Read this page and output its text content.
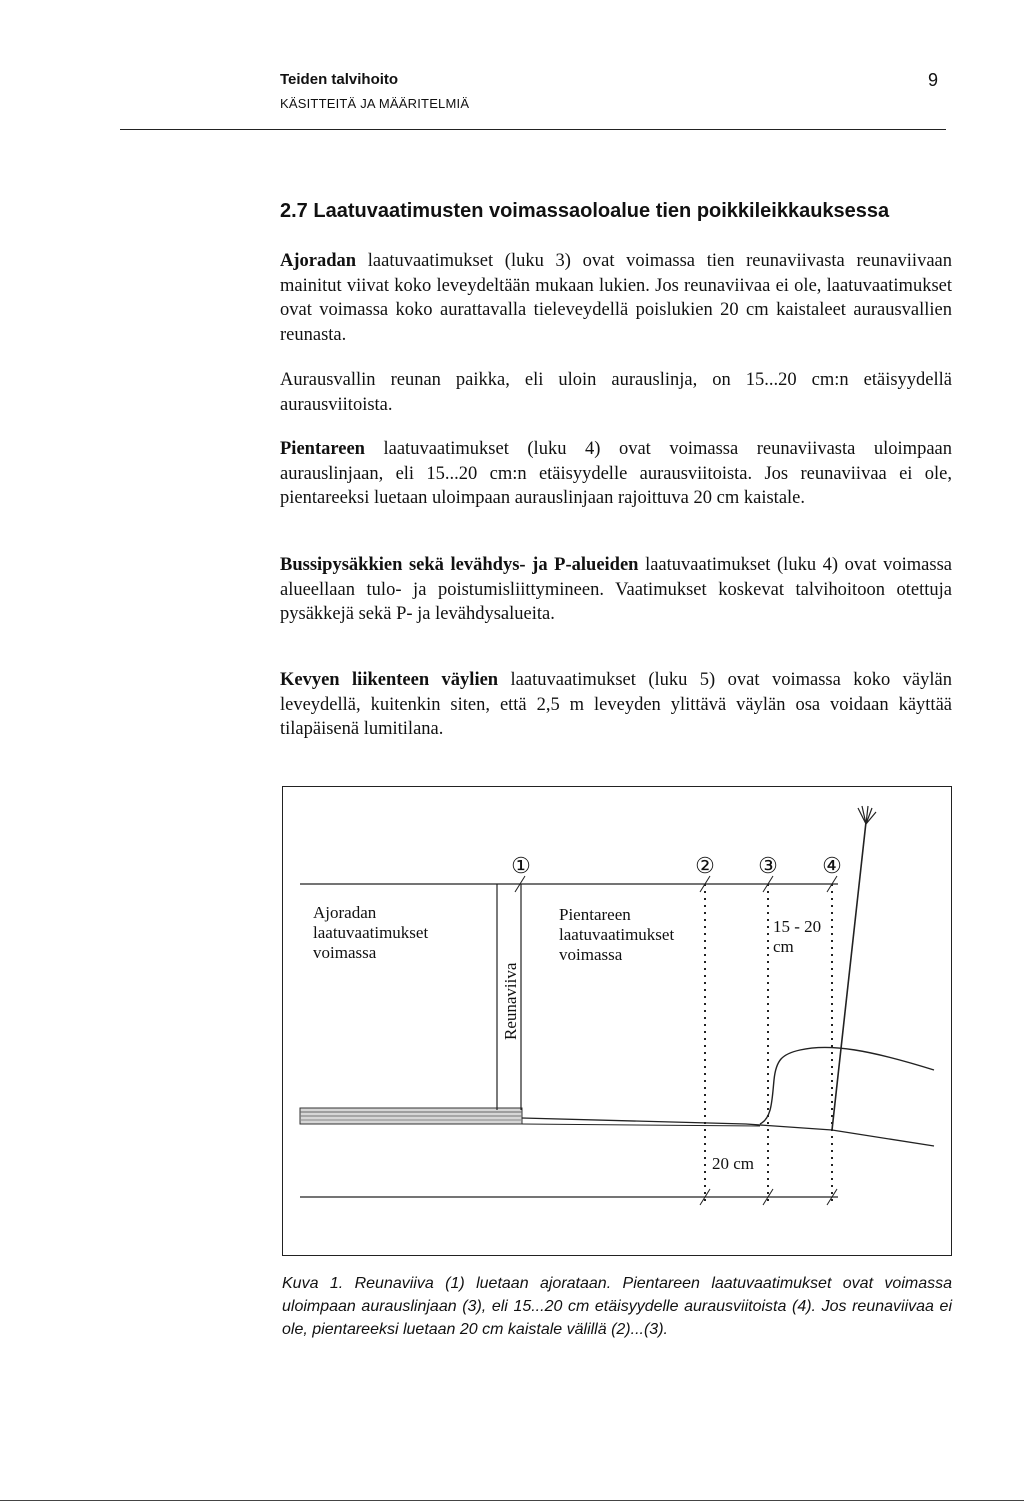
Teiden talvihoito
KÄSITTEITÄ JA MÄÄRITELMIÄ
9
2.7 Laatuvaatimusten voimassaoloalue tien poikkileikkauksessa

Ajoradan laatuvaatimukset (luku 3) ovat voimassa tien reunaviivasta reunaviivaan mainitut viivat koko leveydeltään mukaan lukien. Jos reunaviivaa ei ole, laatuvaatimukset ovat voimassa koko aurattavalla tieleveydellä poislukien 20 cm kaistaleet aurausvallien reunasta.

Aurausvallin reunan paikka, eli uloin aurauslinja, on 15...20 cm:n etäisyydellä aurausviitoista.

Pientareen laatuvaatimukset (luku 4) ovat voimassa reunaviivasta uloimpaan aurauslinjaan, eli 15...20 cm:n etäisyydelle aurausviitoista. Jos reunaviivaa ei ole, pientareeksi luetaan uloimpaan aurauslinjaan rajoittuva 20 cm kaistale.

Bussipysäkkien sekä levähdys- ja P-alueiden laatuvaatimukset (luku 4) ovat voimassa alueellaan tulo- ja poistumisliittymineen. Vaatimukset koskevat talvihoitoon otettuja pysäkkejä sekä P- ja levähdysalueita.

Kevyen liikenteen väylien laatuvaatimukset (luku 5) ovat voimassa koko väylän leveydellä, kuitenkin siten, että 2,5 m leveyden ylittävä väylän osa voidaan käyttää tilapäisenä lumitilana.

①	② ③ ④
Ajoradan
laatuvaatimukset
voimassa
Pientareen
laatuvaatimukset
voimassa
Reunaviiva
15 - 20
cm
20 cm

Kuva 1. Reunaviiva (1) luetaan ajorataan. Pientareen laatuvaatimukset ovat voimassa uloimpaan aurauslinjaan (3), eli 15...20 cm etäisyydelle aurausviitoista (4). Jos reunaviivaa ei ole, pientareeksi luetaan 20 cm kaistale välillä (2)...(3).
